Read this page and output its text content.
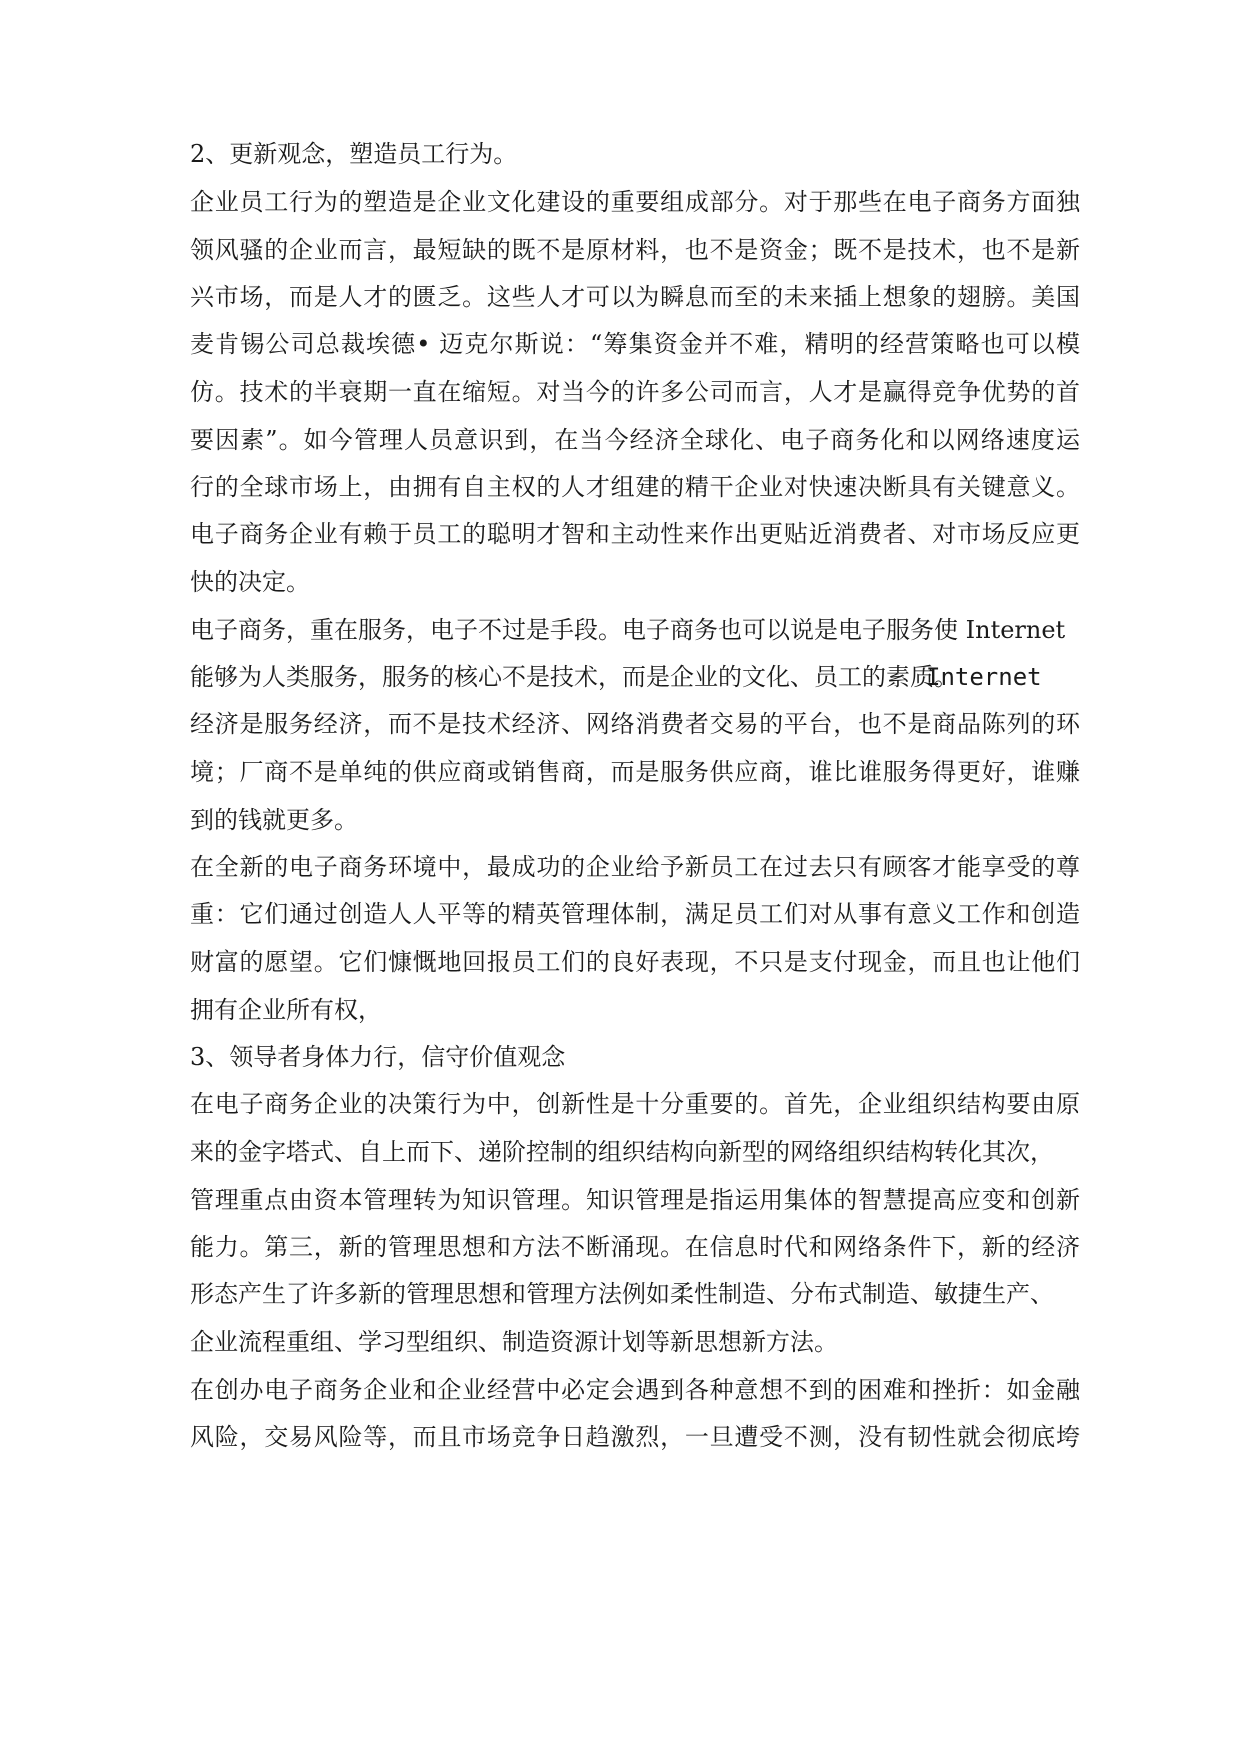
2、更新观念，塑造员工行为。
企业员工行为的塑造是企业文化建设的重要组成部分。对于那些在电子商务方面独
领风骚的企业而言，最短缺的既不是原材料，也不是资金；既不是技术，也不是新
兴市场，而是人才的匮乏。这些人才可以为瞬息而至的未来插上想象的翅膀。美国
麦肯锡公司总裁埃德• 迈克尔斯说：“筹集资金并不难，精明的经营策略也可以模
仿。技术的半衰期一直在缩短。对当今的许多公司而言，人才是赢得竞争优势的首
要因素”。如今管理人员意识到，在当今经济全球化、电子商务化和以网络速度运
行的全球市场上，由拥有自主权的人才组建的精干企业对快速决断具有关键意义。
电子商务企业有赖于员工的聪明才智和主动性来作出更贴近消费者、对市场反应更
快的决定。
电子商务，重在服务，电子不过是手段。电子商务也可以说是电子服务使 Internet
能够为人类服务，服务的核心不是技术，而是企业的文化、员工的素质。
Internet
经济是服务经济，而不是技术经济、网络消费者交易的平台，也不是商品陈列的环
境；厂商不是单纯的供应商或销售商，而是服务供应商，谁比谁服务得更好，谁赚
到的钱就更多。
在全新的电子商务环境中，最成功的企业给予新员工在过去只有顾客才能享受的尊
重：它们通过创造人人平等的精英管理体制，满足员工们对从事有意义工作和创造
财富的愿望。它们慷慨地回报员工们的良好表现，不只是支付现金，而且也让他们
拥有企业所有权，
3、领导者身体力行，信守价值观念
在电子商务企业的决策行为中，创新性是十分重要的。首先，企业组织结构要由原
来的金字塔式、自上而下、递阶控制的组织结构向新型的网络组织结构转化其次，
管理重点由资本管理转为知识管理。知识管理是指运用集体的智慧提高应变和创新
能力。第三，新的管理思想和方法不断涌现。在信息时代和网络条件下，新的经济
形态产生了许多新的管理思想和管理方法例如柔性制造、分布式制造、敏捷生产、
企业流程重组、学习型组织、制造资源计划等新思想新方法。
在创办电子商务企业和企业经营中必定会遇到各种意想不到的困难和挫折：如金融
风险，交易风险等，而且市场竞争日趋激烈，一旦遭受不测，没有韧性就会彻底垮
